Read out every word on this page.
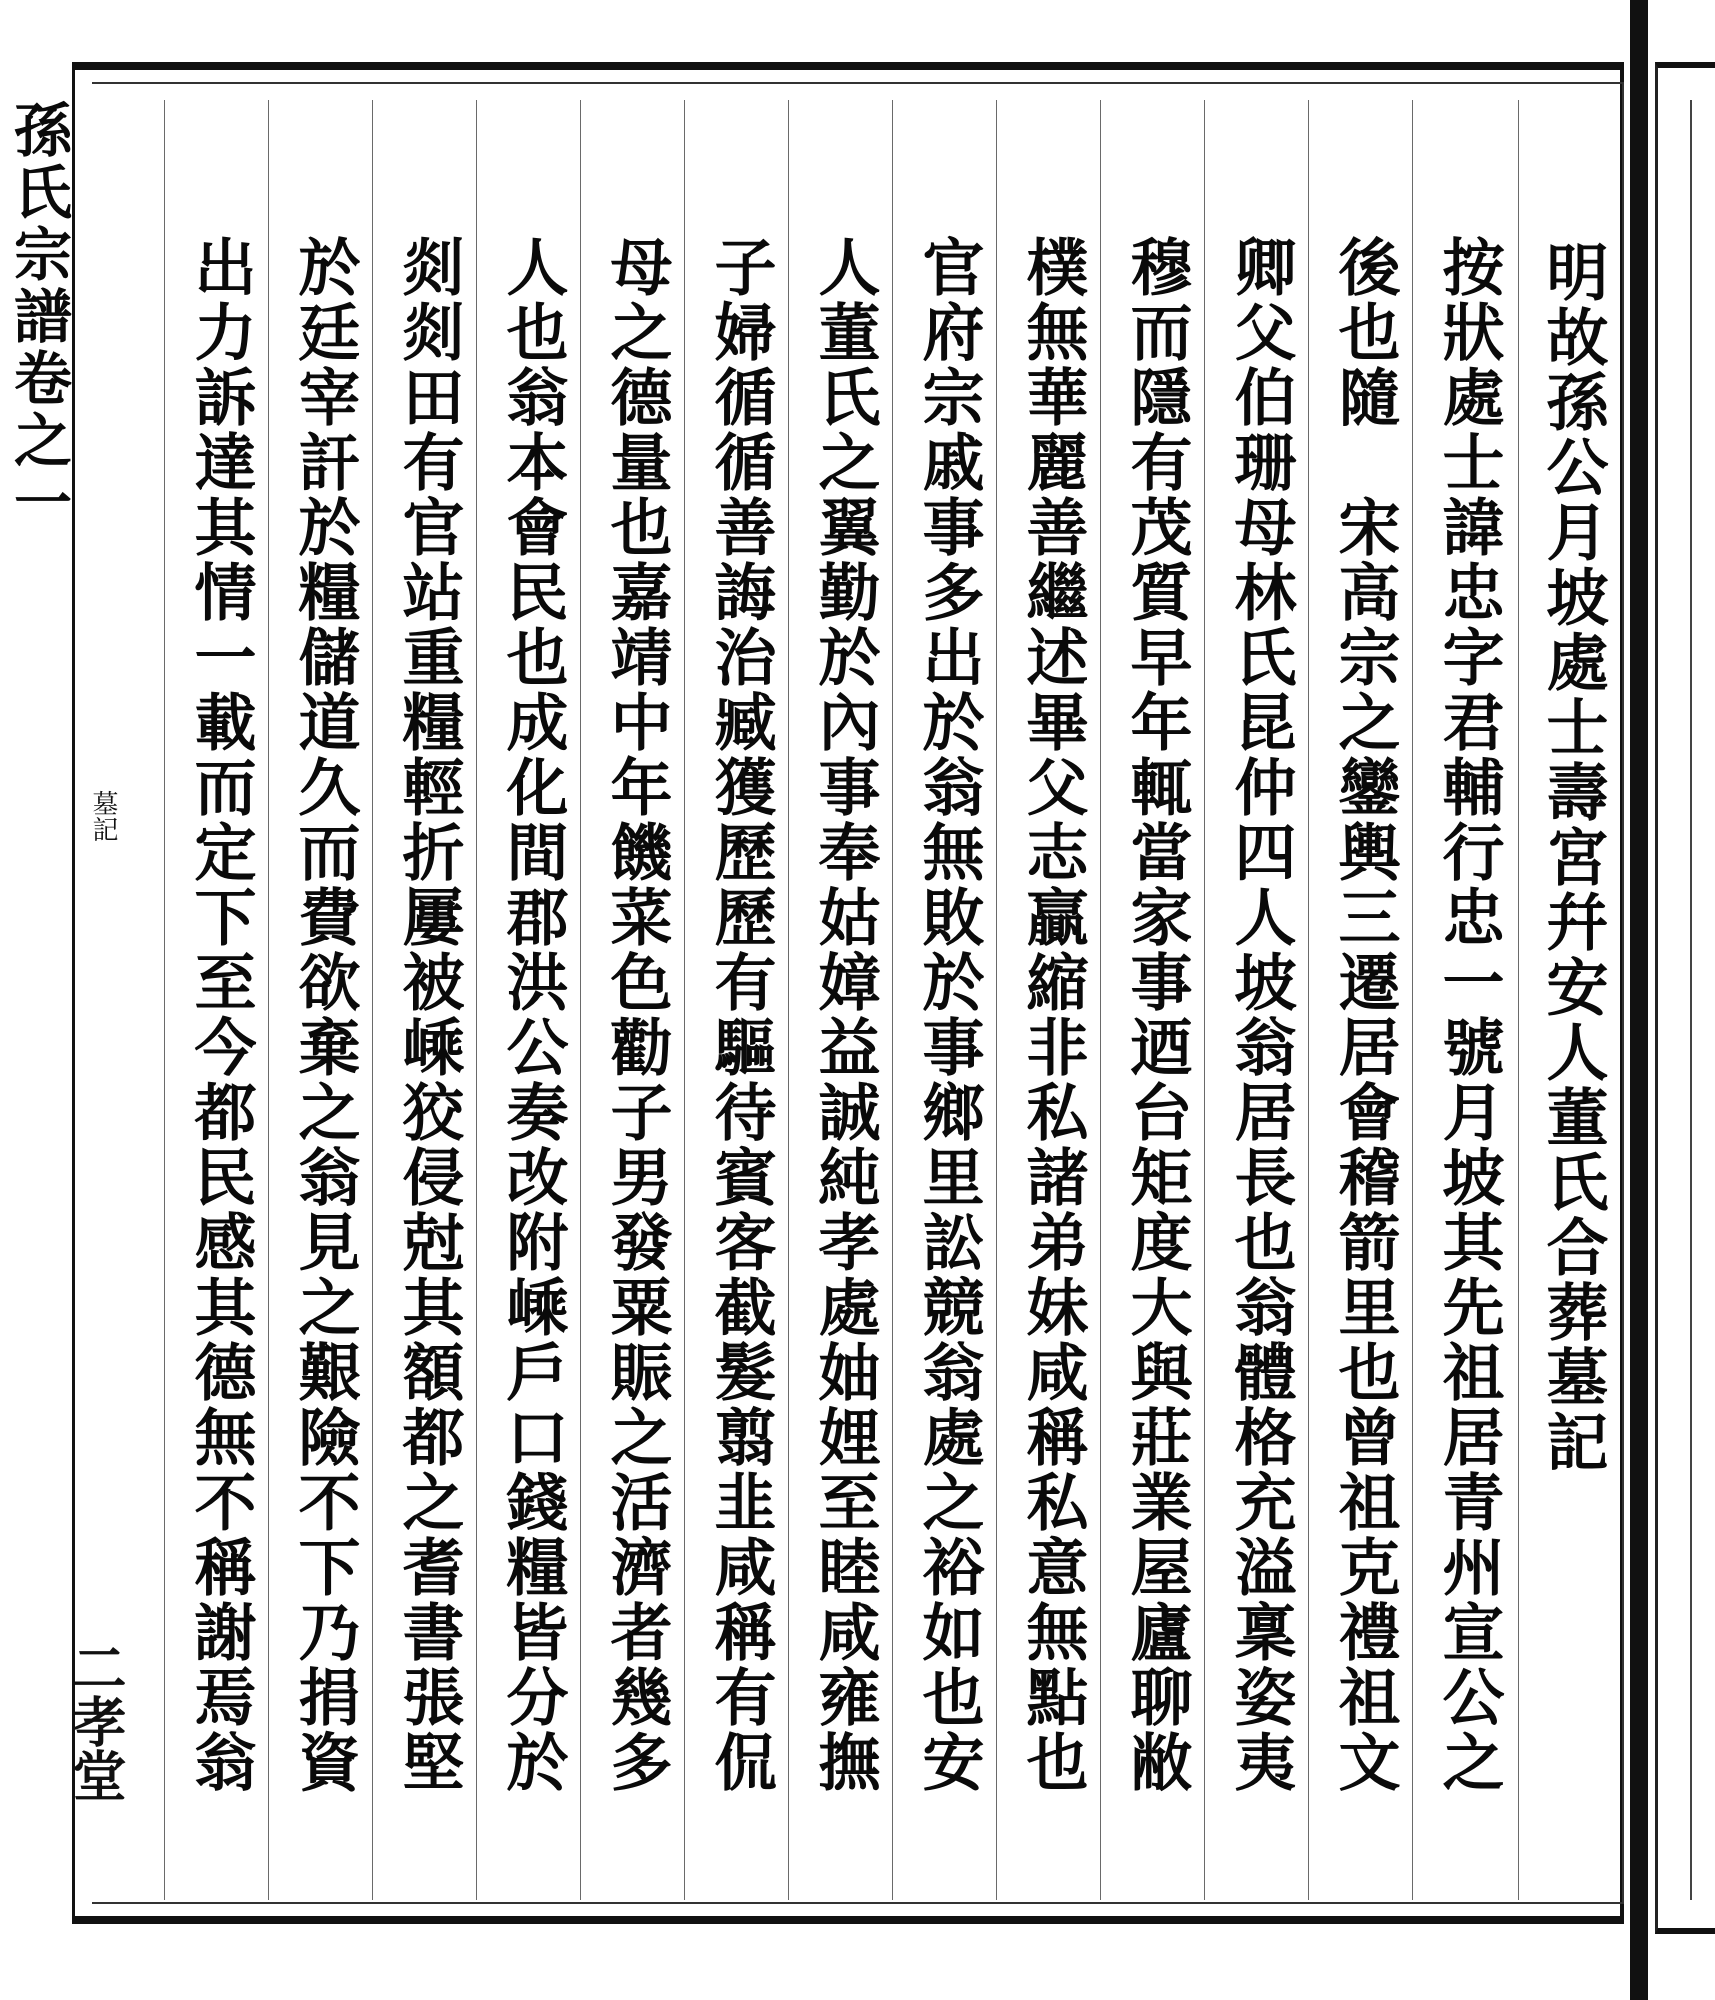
孫氏宗譜卷之一
墓記
二孝堂
明故孫公月坡處士壽宮幷安人董氏合葬墓記
按狀處士諱忠字君輔行忠一號月坡其先祖居青州宣公之
後也隨　宋高宗之鑾輿三遷居會稽箭里也曾祖克禮祖文
卿父伯珊母林氏昆仲四人坡翁居長也翁體格充溢稟姿夷
穆而隱有茂質早年輒當家事迺台矩度大與莊業屋廬聊敝
樸無華麗善繼述畢父志贏縮非私諸弟妹咸稱私意無點也
官府宗戚事多出於翁無敗於事鄉里訟競翁處之裕如也安
人董氏之翼勤於內事奉姑嫜益誠純孝處妯娌至睦咸雍撫
子婦循循善誨治臧獲歷歷有驅待賓客截髮翦韭咸稱有侃
母之德量也嘉靖中年饑菜色勸子男發粟賑之活濟者幾多
人也翁本會民也成化間郡洪公奏改附嵊戶口錢糧皆分於
剡剡田有官站重糧輕折屢被嵊狡侵尅其額都之耆書張堅
於廷宰訐於糧儲道久而費欲棄之翁見之艱險不下乃捐資
出力訴達其情一載而定下至今都民感其德無不稱謝焉翁
